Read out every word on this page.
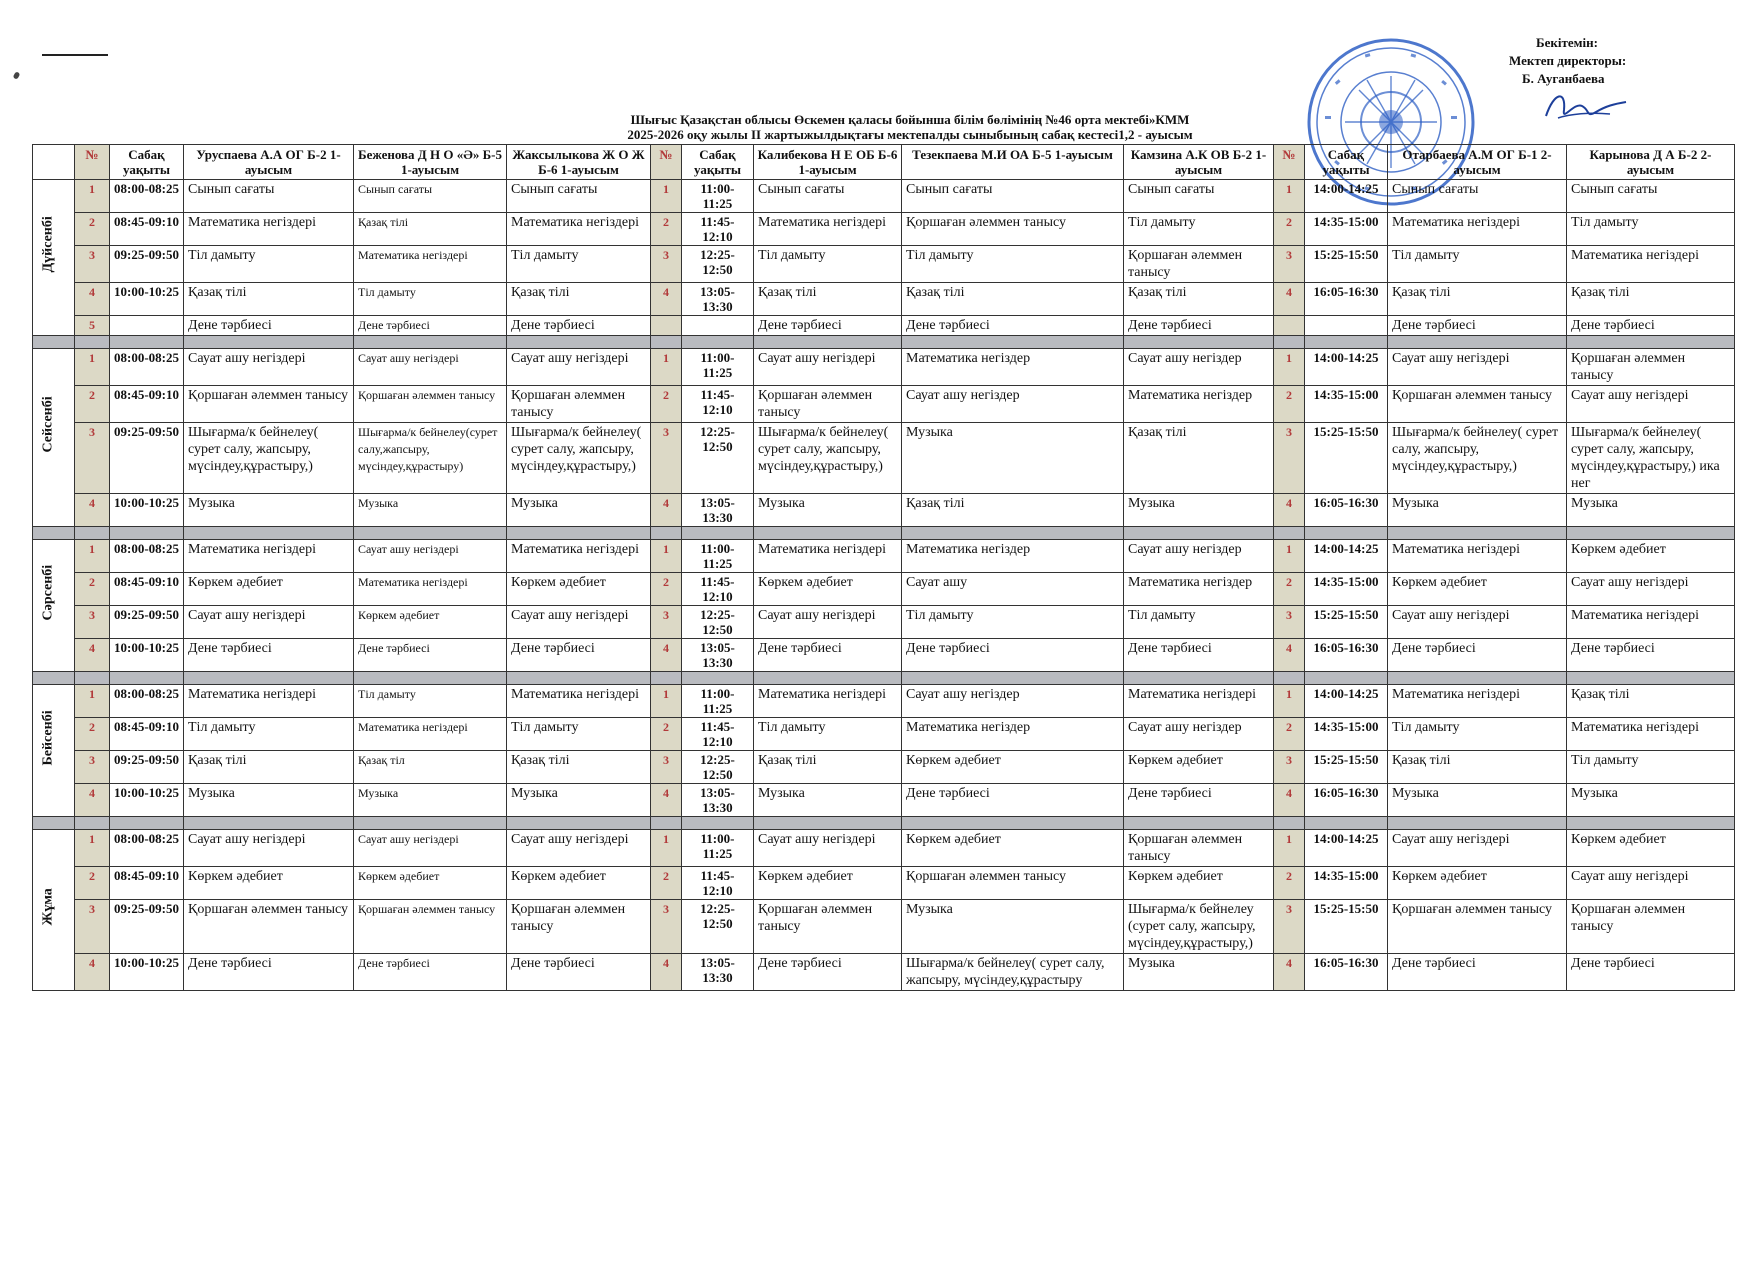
Бекітемін:
Мектеп директоры:
Б. Ауганбаева
Шығыс Қазақстан облысы Өскемен қаласы бойынша білім бөлімінің №46 орта мектебі»КММ
2025-2026 оқу жылы II жартыжылдықтағы мектепалды сыныбының сабақ кестесі1,2 - ауысым
	№	Сабақ уақыты	Уруспаева А.А ОГ Б-2 1-ауысым	Беженова Д Н О «Ә» Б-5 1-ауысым	Жаксылыкова Ж О Ж Б-6 1-ауысым	№	Сабақ уақыты	Калибекова Н Е ОБ Б-6 1-ауысым	Тезекпаева М.И ОА Б-5 1-ауысым	Камзина А.К ОВ Б-2 1-ауысым	№	Сабақ уақыты	Отарбаева А.М ОГ Б-1 2-ауысым	Карынова Д А Б-2 2-ауысым

Дүйсенбі	1	08:00-08:25	Сынып сағаты	Сынып сағаты	Сынып сағаты	1	11:00-11:25	Сынып сағаты	Сынып сағаты	Сынып сағаты	1	14:00-14:25	Сынып сағаты	Сынып сағаты
	2	08:45-09:10	Математика негіздері	Қазақ тілі	Математика негіздері	2	11:45-12:10	Математика негіздері	Қоршаған әлеммен танысу	Тіл дамыту	2	14:35-15:00	Математика негіздері	Тіл дамыту
	3	09:25-09:50	Тіл дамыту	Математика негіздері	Тіл дамыту	3	12:25-12:50	Тіл дамыту	Тіл дамыту	Қоршаған әлеммен танысу	3	15:25-15:50	Тіл дамыту	Математика негіздері
	4	10:00-10:25	Қазақ тілі	Тіл дамыту	Қазақ тілі	4	13:05-13:30	Қазақ тілі	Қазақ тілі	Қазақ тілі	4	16:05-16:30	Қазақ тілі	Қазақ тілі
	5		Дене тәрбиесі	Дене тәрбиесі	Дене тәрбиесі			Дене тәрбиесі	Дене тәрбиесі	Дене тәрбиесі			Дене тәрбиесі	Дене тәрбиесі

Сейсенбі	1	08:00-08:25	Сауат ашу негіздері	Сауат ашу негіздері	Сауат ашу негіздері	1	11:00-11:25	Сауат ашу негіздері	Математика негіздер	Сауат ашу негіздер	1	14:00-14:25	Сауат ашу негіздері	Қоршаған әлеммен танысу
	2	08:45-09:10	Қоршаған әлеммен танысу	Қоршаған әлеммен танысу	Қоршаған әлеммен танысу	2	11:45-12:10	Қоршаған әлеммен танысу	Сауат ашу негіздер	Математика негіздер	2	14:35-15:00	Қоршаған әлеммен танысу	Сауат ашу негіздері
	3	09:25-09:50	Шығарма/к бейнелеу( сурет салу, жапсыру, мүсіндеу,құрастыру,)	Шығарма/к бейнелеу(сурет салу,жапсыру, мүсіндеу,құрастыру)	Шығарма/к бейнелеу( сурет салу, жапсыру, мүсіндеу,құрастыру,)	3	12:25-12:50	Шығарма/к бейнелеу( сурет салу, жапсыру, мүсіндеу,құрастыру,)	Музыка	Қазақ тілі	3	15:25-15:50	Шығарма/к бейнелеу( сурет салу, жапсыру, мүсіндеу,құрастыру,)	Шығарма/к бейнелеу( сурет салу, жапсыру, мүсіндеу,құрастыру,) ика нег
	4	10:00-10:25	Музыка	Музыка	Музыка	4	13:05-13:30	Музыка	Қазақ тілі	Музыка	4	16:05-16:30	Музыка	Музыка

Сәрсенбі	1	08:00-08:25	Математика негіздері	Сауат ашу негіздері	Математика негіздері	1	11:00-11:25	Математика негіздері	Математика негіздер	Сауат ашу негіздер	1	14:00-14:25	Математика негіздері	Көркем әдебиет
	2	08:45-09:10	Көркем әдебиет	Математика негіздері	Көркем әдебиет	2	11:45-12:10	Көркем әдебиет	Сауат ашу	Математика негіздер	2	14:35-15:00	Көркем әдебиет	Сауат ашу негіздері
	3	09:25-09:50	Сауат ашу негіздері	Көркем әдебиет	Сауат ашу негіздері	3	12:25-12:50	Сауат ашу негіздері	Тіл дамыту	Тіл дамыту	3	15:25-15:50	Сауат ашу негіздері	Математика негіздері
	4	10:00-10:25	Дене тәрбиесі	Дене тәрбиесі	Дене тәрбиесі	4	13:05-13:30	Дене тәрбиесі	Дене тәрбиесі	Дене тәрбиесі	4	16:05-16:30	Дене тәрбиесі	Дене тәрбиесі

Бейсенбі	1	08:00-08:25	Математика негіздері	Тіл дамыту	Математика негіздері	1	11:00-11:25	Математика негіздері	Сауат ашу негіздер	Математика негіздері	1	14:00-14:25	Математика негіздері	Қазақ тілі
	2	08:45-09:10	Тіл дамыту	Математика негіздері	Тіл дамыту	2	11:45-12:10	Тіл дамыту	Математика негіздер	Сауат ашу негіздер	2	14:35-15:00	Тіл дамыту	Математика негіздері
	3	09:25-09:50	Қазақ тілі	Қазақ тіл	Қазақ тілі	3	12:25-12:50	Қазақ тілі	Көркем әдебиет	Көркем әдебиет	3	15:25-15:50	Қазақ тілі	Тіл дамыту
	4	10:00-10:25	Музыка	Музыка	Музыка	4	13:05-13:30	Музыка	Дене тәрбиесі	Дене тәрбиесі	4	16:05-16:30	Музыка	Музыка

Жұма	1	08:00-08:25	Сауат ашу негіздері	Сауат ашу негіздері	Сауат ашу негіздері	1	11:00-11:25	Сауат ашу негіздері	Көркем әдебиет	Қоршаған әлеммен танысу	1	14:00-14:25	Сауат ашу негіздері	Көркем әдебиет
	2	08:45-09:10	Көркем әдебиет	Көркем әдебиет	Көркем әдебиет	2	11:45-12:10	Көркем әдебиет	Қоршаған әлеммен танысу	Көркем әдебиет	2	14:35-15:00	Көркем әдебиет	Сауат ашу негіздері
	3	09:25-09:50	Қоршаған әлеммен танысу	Қоршаған әлеммен танысу	Қоршаған әлеммен танысу	3	12:25-12:50	Қоршаған әлеммен танысу	Музыка	Шығарма/к бейнелеу (сурет салу, жапсыру, мүсіндеу,құрастыру,)	3	15:25-15:50	Қоршаған әлеммен танысу	Қоршаған әлеммен танысу
	4	10:00-10:25	Дене тәрбиесі	Дене тәрбиесі	Дене тәрбиесі	4	13:05-13:30	Дене тәрбиесі	Шығарма/к бейнелеу( сурет салу, жапсыру, мүсіндеу,құрастыру	Музыка	4	16:05-16:30	Дене тәрбиесі	Дене тәрбиесі
